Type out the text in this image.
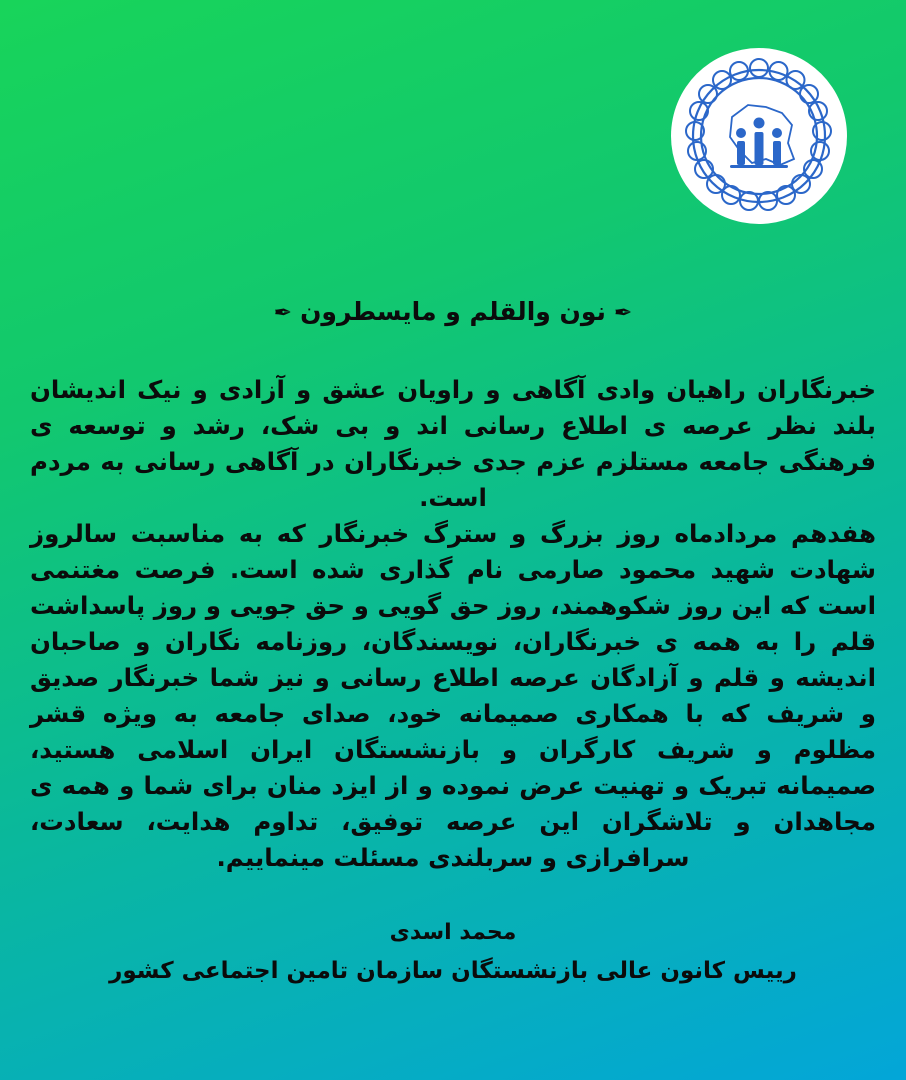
✒نون والقلم و مایسطرون✒
خبرنگاران راهیان وادی آگاهی و راویان عشق و آزادی و نیک اندیشان بلند نظر عرصه ی اطلاع رسانی اند و بی شک، رشد و توسعه ی فرهنگی جامعه مستلزم عزم جدی خبرنگاران در آگاهی رسانی به مردم است.
هفدهم مردادماه روز بزرگ و سترگ خبرنگار که به مناسبت سالروز شهادت شهید محمود صارمی نام گذاری شده است. فرصت مغتنمی است که این روز شکوهمند، روز حق گویی و حق جویی و روز پاسداشت قلم را به همه ی خبرنگاران، نویسندگان، روزنامه نگاران و صاحبان اندیشه و قلم و آزادگان عرصه اطلاع رسانی و نیز شما خبرنگار صدیق و شریف که با همکاری صمیمانه خود، صدای جامعه به ویژه قشر مظلوم و شریف کارگران و بازنشستگان ایران اسلامی هستید، صمیمانه تبریک و تهنیت عرض نموده و از ایزد منان برای شما و همه ی مجاهدان و تلاشگران این عرصه توفیق، تداوم هدایت، سعادت، سرافرازی و سربلندی مسئلت مینماییم.
محمد اسدی
رییس کانون عالی بازنشستگان سازمان تامین اجتماعی کشور
